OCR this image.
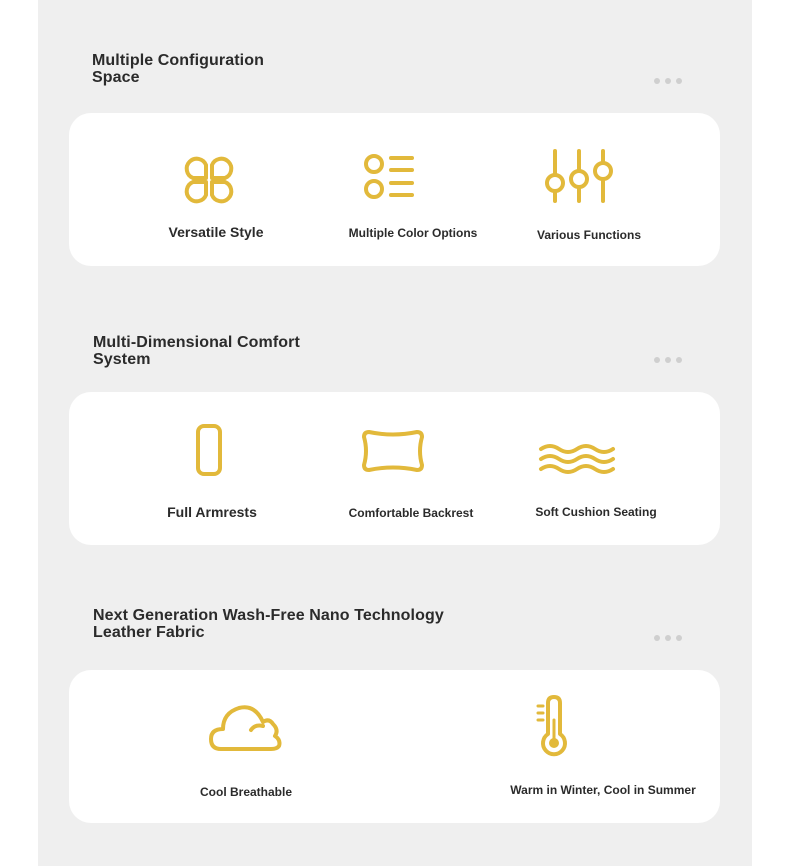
Multiple Configuration
Space
Versatile Style	Multiple Color Options	Various Functions
Multi-Dimensional Comfort
System
Full Armrests	Comfortable Backrest	Soft Cushion Seating
Next Generation Wash-Free Nano Technology
Leather Fabric
Cool Breathable	Warm in Winter, Cool in Summer
